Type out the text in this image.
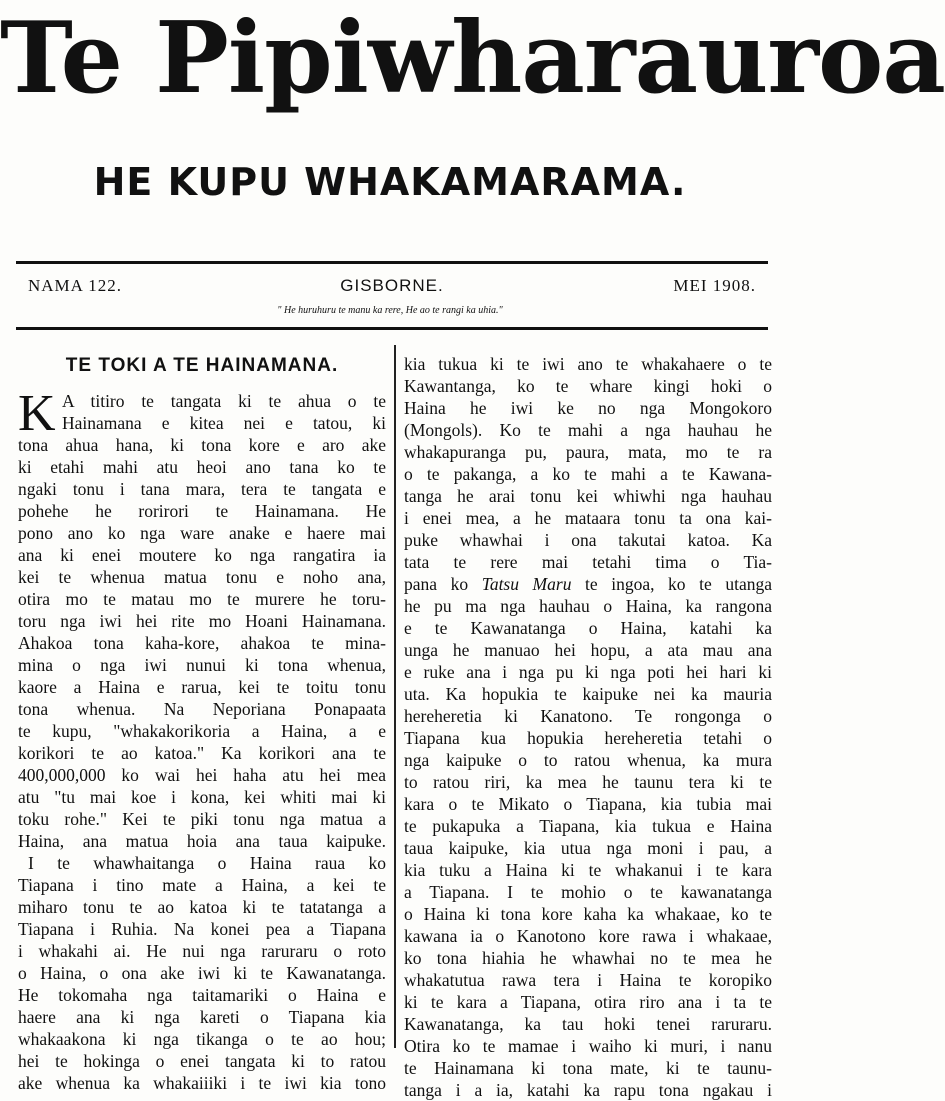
Te Pipiwharauroa
HE KUPU WHAKAMARAMA.
NAMA 122.	GISBORNE.	MEI 1908.
" He huruhuru te manu ka rere, He ao te rangi ka uhia."
TE TOKI A TE HAINAMANA.
K A titiro te tangata ki te ahua o te
Hainamana e kitea nei e tatou, ki
tona ahua hana, ki tona kore e aro ake
ki etahi mahi atu heoi ano tana ko te
ngaki tonu i tana mara, tera te tangata e
pohehe he rorirori te Hainamana. He
pono ano ko nga ware anake e haere mai
ana ki enei moutere ko nga rangatira ia
kei te whenua matua tonu e noho ana,
otira mo te matau mo te murere he toru-
toru nga iwi hei rite mo Hoani Hainamana.
Ahakoa tona kaha-kore, ahakoa te mina-
mina o nga iwi nunui ki tona whenua,
kaore a Haina e rarua, kei te toitu tonu
tona whenua. Na Neporiana Ponapaata
te kupu, "whakakorikoria a Haina, a e
korikori te ao katoa." Ka korikori ana te
400,000,000 ko wai hei haha atu hei mea
atu "tu mai koe i kona, kei whiti mai ki
toku rohe." Kei te piki tonu nga matua a
Haina, ana matua hoia ana taua kaipuke.
I te whawhaitanga o Haina raua ko
Tiapana i tino mate a Haina, a kei te
miharo tonu te ao katoa ki te tatatanga a
Tiapana i Ruhia. Na konei pea a Tiapana
i whakahi ai. He nui nga raruraru o roto
o Haina, o ona ake iwi ki te Kawanatanga.
He tokomaha nga taitamariki o Haina e
haere ana ki nga kareti o Tiapana kia
whakaakona ki nga tikanga o te ao hou;
hei te hokinga o enei tangata ki to ratou
ake whenua ka whakaiiiki i te iwi kia tono
kia tukua ki te iwi ano te whakahaere o te
Kawantanga, ko te whare kingi hoki o
Haina he iwi ke no nga Mongokoro
(Mongols). Ko te mahi a nga hauhau he
whakapuranga pu, paura, mata, mo te ra
o te pakanga, a ko te mahi a te Kawana-
tanga he arai tonu kei whiwhi nga hauhau
i enei mea, a he mataara tonu ta ona kai-
puke whawhai i ona takutai katoa. Ka
tata te rere mai tetahi tima o Tia-
pana ko Tatsu Maru te ingoa, ko te utanga
he pu ma nga hauhau o Haina, ka rangona
e te Kawanatanga o Haina, katahi ka
unga he manuao hei hopu, a ata mau ana
e ruke ana i nga pu ki nga poti hei hari ki
uta. Ka hopukia te kaipuke nei ka mauria
hereheretia ki Kanatono. Te rongonga o
Tiapana kua hopukia hereheretia tetahi o
nga kaipuke o to ratou whenua, ka mura
to ratou riri, ka mea he taunu tera ki te
kara o te Mikato o Tiapana, kia tubia mai
te pukapuka a Tiapana, kia tukua e Haina
taua kaipuke, kia utua nga moni i pau, a
kia tuku a Haina ki te whakanui i te kara
a Tiapana. I te mohio o te kawanatanga
o Haina ki tona kore kaha ka whakaae, ko te
kawana ia o Kanotono kore rawa i whakaae,
ko tona hiahia he whawhai no te mea he
whakatutua rawa tera i Haina te koropiko
ki te kara a Tiapana, otira riro ana i ta te
Kawanatanga, ka tau hoki tenei raruraru.
Otira ko te mamae i waiho ki muri, i nanu
te Hainamana ki tona mate, ki te taunu-
tanga i a ia, katahi ka rapu tona ngakau i
